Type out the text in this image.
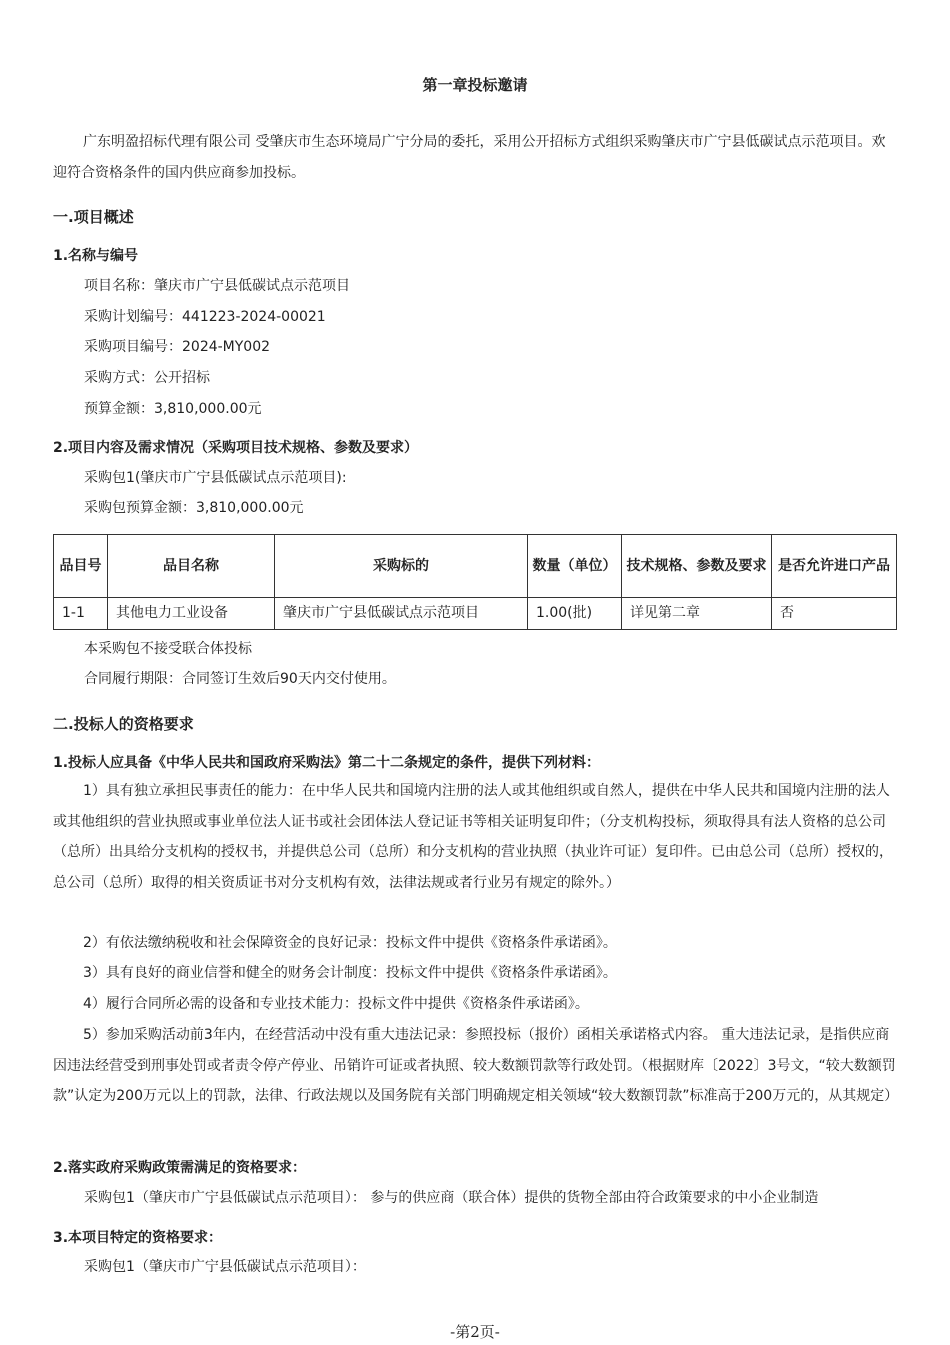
第一章投标邀请

广东明盈招标代理有限公司 受肇庆市生态环境局广宁分局的委托，采用公开招标方式组织采购肇庆市广宁县低碳试点示范项目。欢迎符合资格条件的国内供应商参加投标。

一.项目概述
1.名称与编号
项目名称：肇庆市广宁县低碳试点示范项目
采购计划编号：441223-2024-00021
采购项目编号：2024-MY002
采购方式：公开招标
预算金额：3,810,000.00元
2.项目内容及需求情况（采购项目技术规格、参数及要求）
采购包1(肇庆市广宁县低碳试点示范项目):
采购包预算金额：3,810,000.00元
品目号	品目名称	采购标的	数量（单位）	技术规格、参数及要求	是否允许进口产品
1-1	其他电力工业设备	肇庆市广宁县低碳试点示范项目	1.00(批)	详见第二章	否
本采购包不接受联合体投标
合同履行期限：合同签订生效后90天内交付使用。
二.投标人的资格要求
1.投标人应具备《中华人民共和国政府采购法》第二十二条规定的条件，提供下列材料：

1）具有独立承担民事责任的能力：在中华人民共和国境内注册的法人或其他组织或自然人，提供在中华人民共和国境内注册的法人或其他组织的营业执照或事业单位法人证书或社会团体法人登记证书等相关证明复印件；（分支机构投标，须取得具有法人资格的总公司（总所）出具给分支机构的授权书，并提供总公司（总所）和分支机构的营业执照（执业许可证）复印件。已由总公司（总所）授权的，总公司（总所）取得的相关资质证书对分支机构有效，法律法规或者行业另有规定的除外。）

2）有依法缴纳税收和社会保障资金的良好记录：投标文件中提供《资格条件承诺函》。

3）具有良好的商业信誉和健全的财务会计制度：投标文件中提供《资格条件承诺函》。

4）履行合同所必需的设备和专业技术能力：投标文件中提供《资格条件承诺函》。

5）参加采购活动前3年内，在经营活动中没有重大违法记录：参照投标（报价）函相关承诺格式内容。 重大违法记录，是指供应商因违法经营受到刑事处罚或者责令停产停业、吊销许可证或者执照、较大数额罚款等行政处罚。（根据财库〔2022〕3号文，“较大数额罚款”认定为200万元以上的罚款，法律、行政法规以及国务院有关部门明确规定相关领域“较大数额罚款”标准高于200万元的，从其规定）

2.落实政府采购政策需满足的资格要求：
采购包1（肇庆市广宁县低碳试点示范项目）： 参与的供应商（联合体）提供的货物全部由符合政策要求的中小企业制造
3.本项目特定的资格要求：
采购包1（肇庆市广宁县低碳试点示范项目）：
-第2页-
